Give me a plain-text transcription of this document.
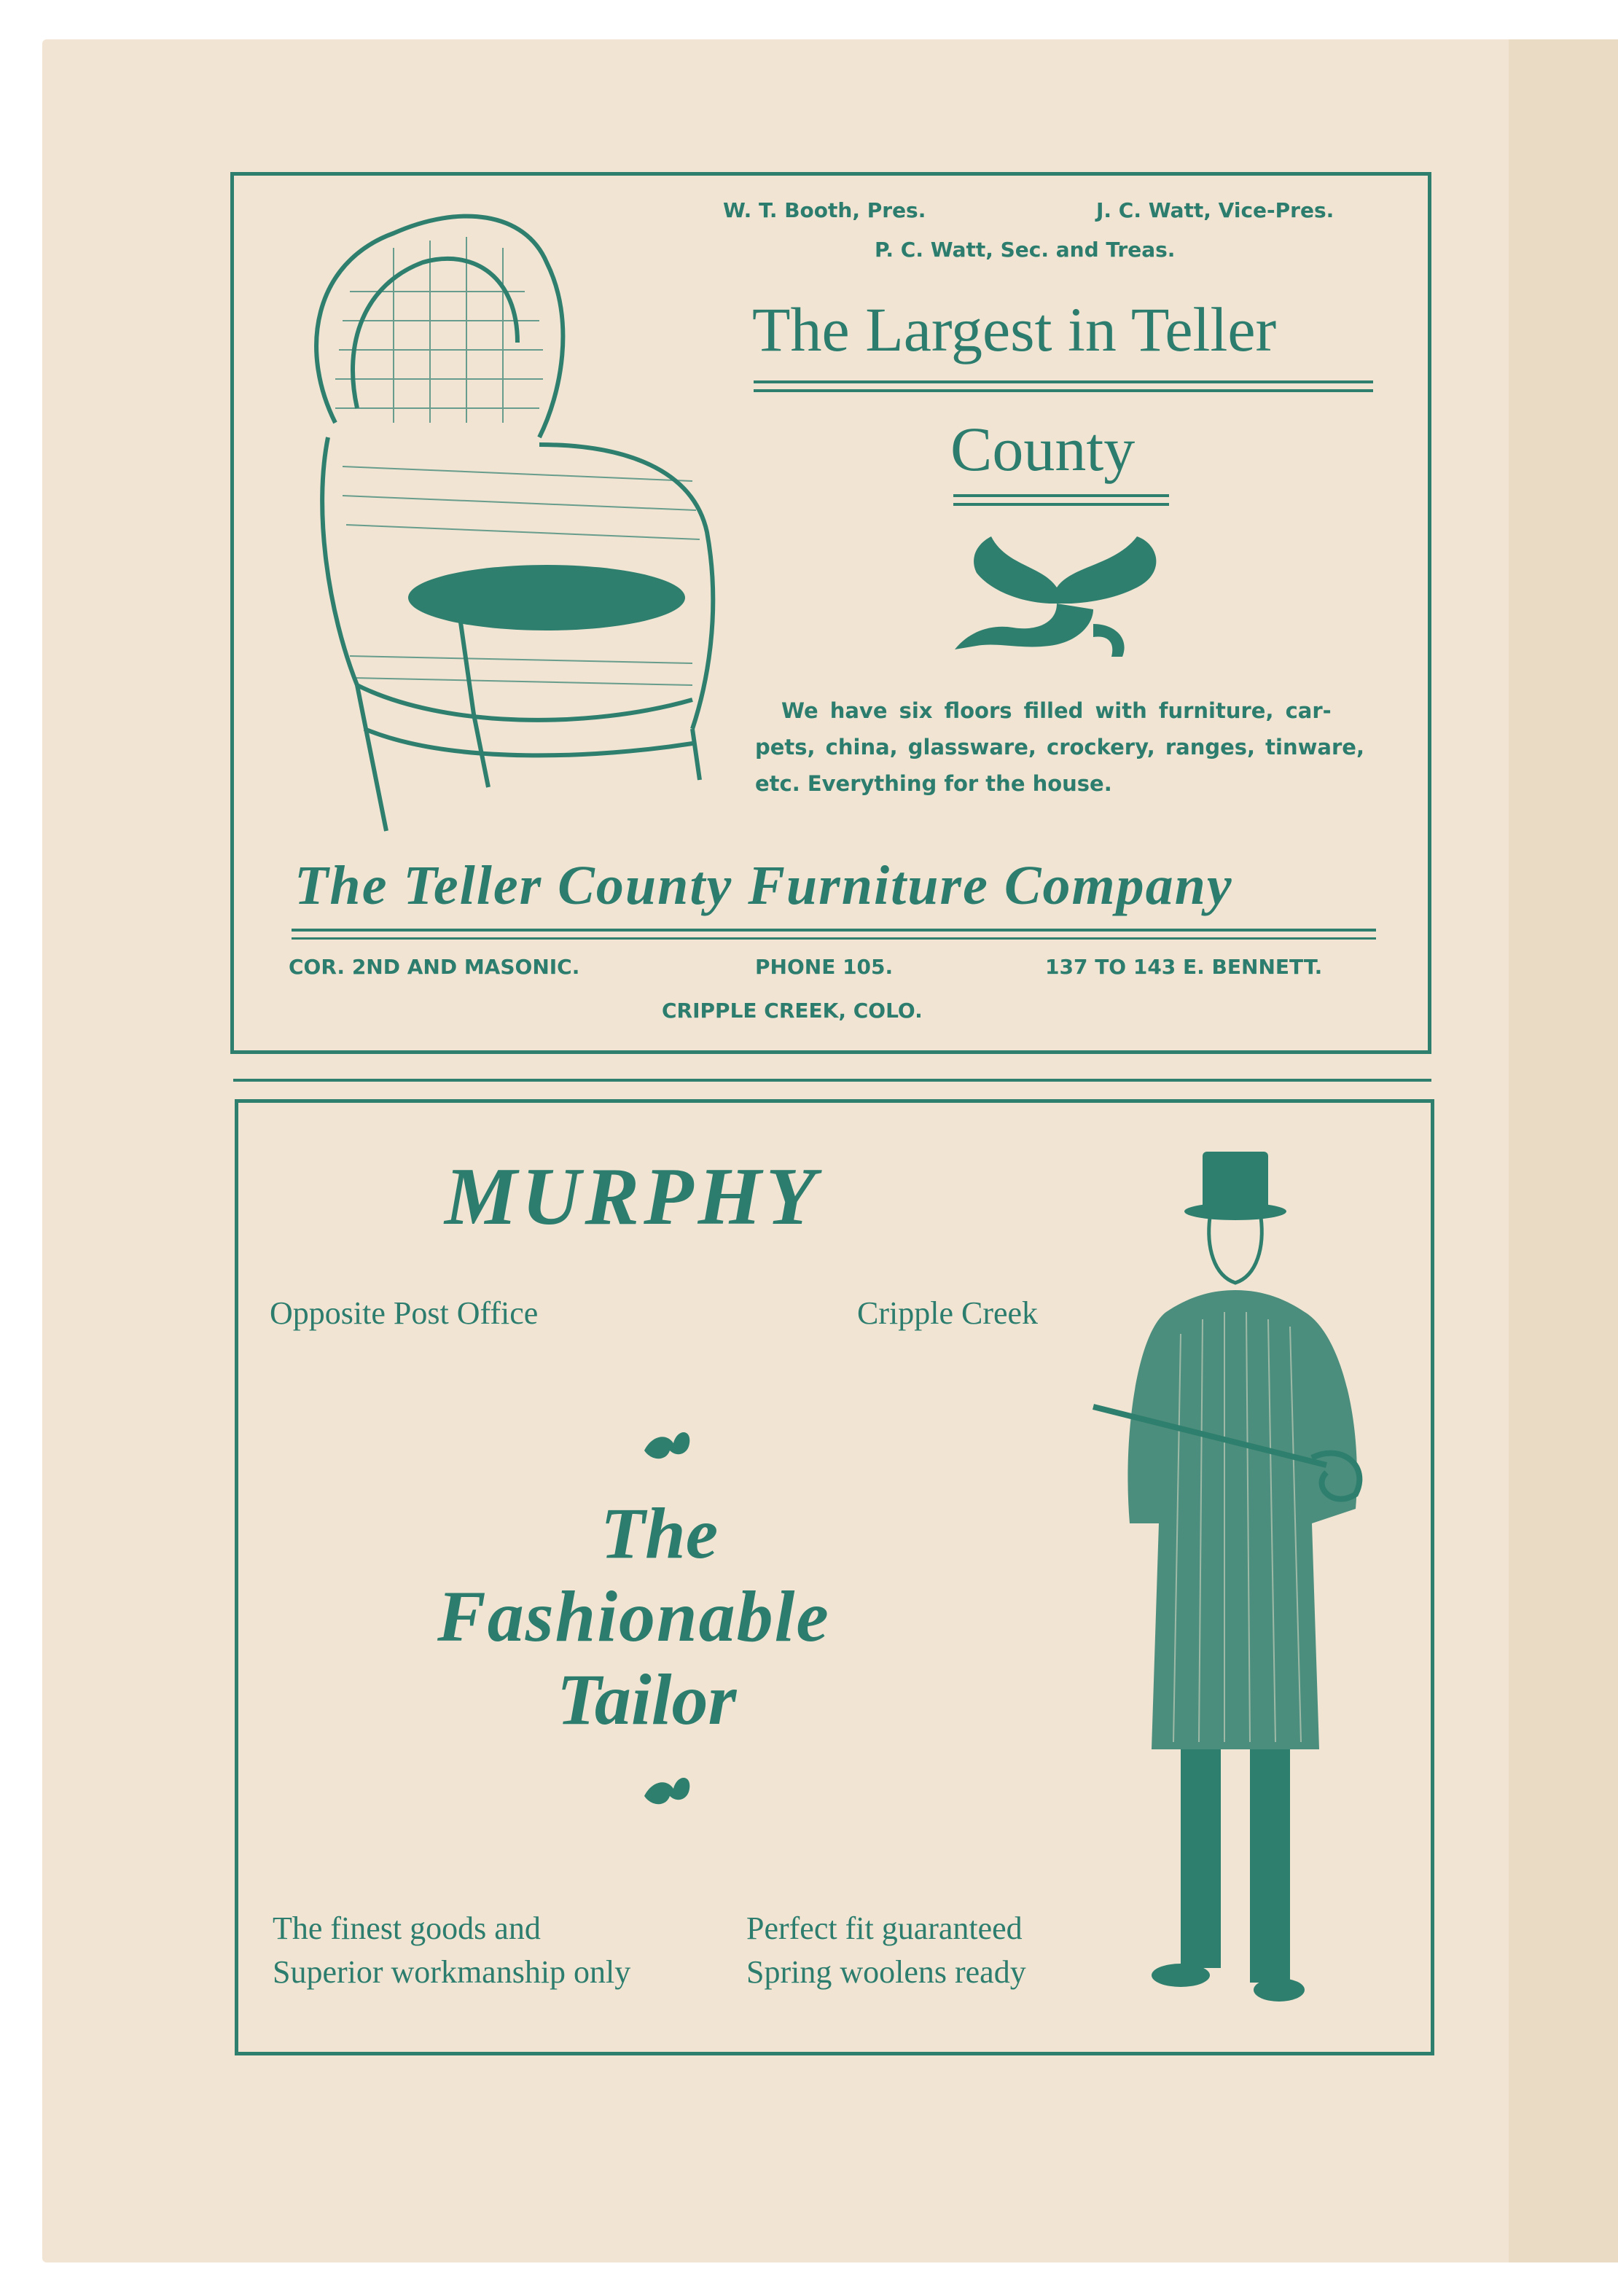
W. T. Booth, Pres.	J. C. Watt, Vice-Pres.
P. C. Watt, Sec. and Treas.
The Largest in Teller
County
We have six floors filled with furniture, car-
pets, china, glassware, crockery, ranges, tinware,
etc. Everything for the house.
The Teller County Furniture Company
COR. 2ND AND MASONIC.	PHONE 105.	137 TO 143 E. BENNETT.
CRIPPLE CREEK, COLO.
MURPHY
Opposite Post Office	Cripple Creek
The
Fashionable
Tailor
The finest goods and
Superior workmanship only
Perfect fit guaranteed
Spring woolens ready
